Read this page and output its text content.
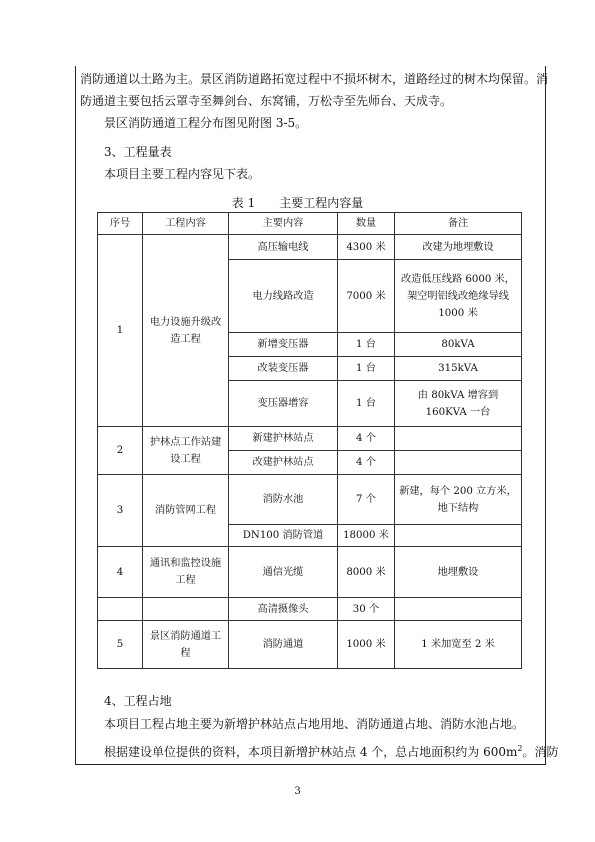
消防通道以土路为主。景区消防道路拓宽过程中不损坏树木，道路经过的树木均保留。消
防通道主要包括云罩寺至舞剑台、东窝铺，万松寺至先师台、天成寺。
　　景区消防通道工程分布图见附图 3-5。
　　3、工程量表
　　本项目主要工程内容见下表。
表 1　　主要工程内容量
序号	工程内容	主要内容	数量	备注
1	电力设施升级改造工程	高压输电线	4300 米	改建为地埋敷设
		电力线路改造	7000 米	改造低压线路 6000 米，架空明铝线改绝缘导线 1000 米
		新增变压器	1 台	80kVA
		改装变压器	1 台	315kVA
		变压器增容	1 台	由 80kVA 增容到 160KVA 一台
2	护林点工作站建设工程	新建护林站点	4 个	
		改建护林站点	4 个	
3	消防管网工程	消防水池	7 个	新建，每个 200 立方米，地下结构
		DN100 消防管道	18000 米	
4	通讯和监控设施工程	通信光缆	8000 米	地埋敷设
		高清摄像头	30 个	
5	景区消防通道工程	消防通道	1000 米	1 米加宽至 2 米
　　4、工程占地
　　本项目工程占地主要为新增护林站点占地用地、消防通道占地、消防水池占地。
　　根据建设单位提供的资料，本项目新增护林站点 4 个，总占地面积约为 $600m^2$。消防
3
